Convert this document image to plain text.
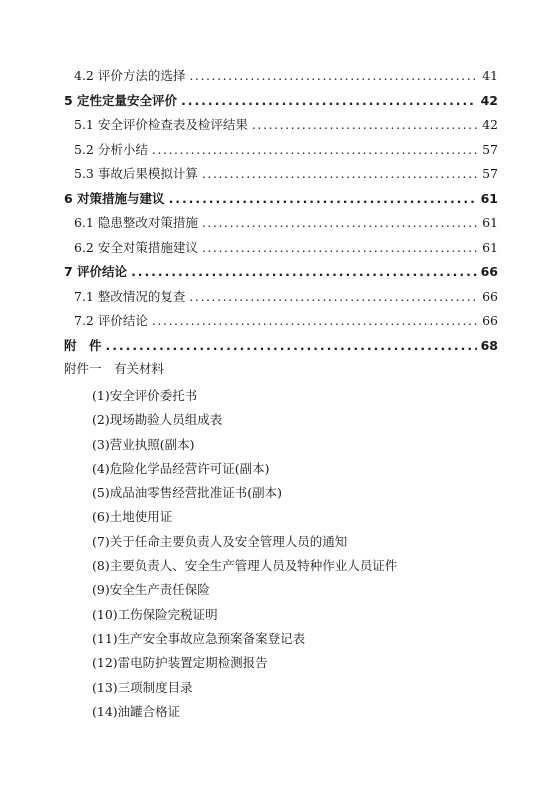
4.2 评价方法的选择 . . .	41
5 定性定量安全评价 . . .	42
5.1 安全评价检查表及检评结果 . . .	42
5.2 分析小结 . . .	57
5.3 事故后果模拟计算 . . .	57
6 对策措施与建议 . . .	61
6.1 隐患整改对策措施 . . .	61
6.2 安全对策措施建议 . . .	61
7 评价结论 . . .	66
7.1 整改情况的复查 . . .	66
7.2 评价结论 . . .	66
附　件 . . .	68
附件一　有关材料
(1)安全评价委托书
(2)现场勘验人员组成表
(3)营业执照(副本)
(4)危险化学品经营许可证(副本)
(5)成品油零售经营批准证书(副本)
(6)土地使用证
(7)关于任命主要负责人及安全管理人员的通知
(8)主要负责人、安全生产管理人员及特种作业人员证件
(9)安全生产责任保险
(10)工伤保险完税证明
(11)生产安全事故应急预案备案登记表
(12)雷电防护装置定期检测报告
(13)三项制度目录
(14)油罐合格证
